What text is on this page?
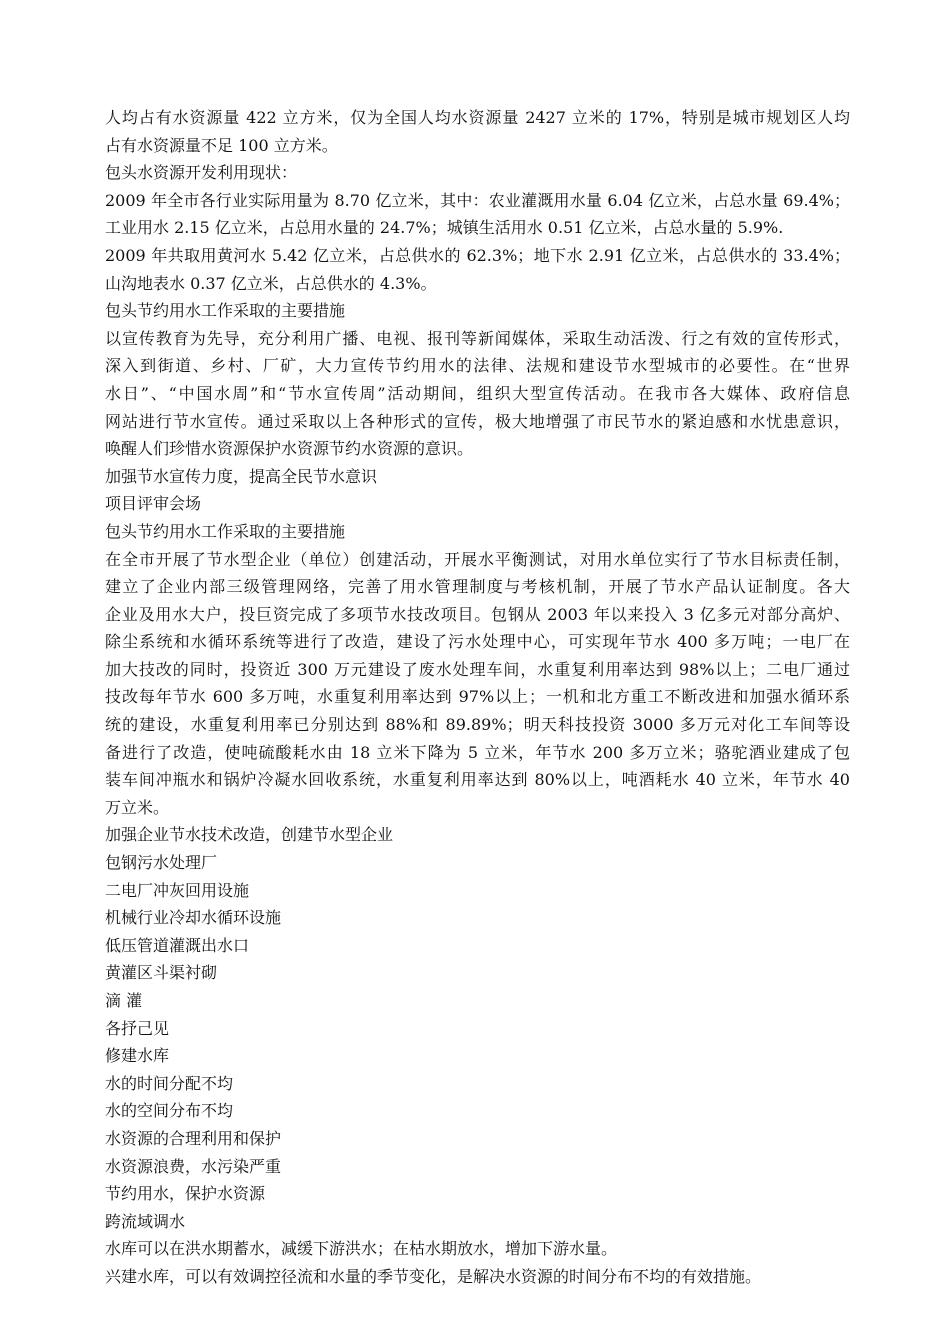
人均占有水资源量 422 立方米，仅为全国人均水资源量 2427 立米的 17%，特别是城市规划区人均
占有水资源量不足 100 立方米。
包头水资源开发利用现状：
2009 年全市各行业实际用量为 8.70 亿立米，其中：农业灌溉用水量 6.04 亿立米，占总水量 69.4%；
工业用水 2.15 亿立米，占总用水量的 24.7%；城镇生活用水 0.51 亿立米，占总水量的 5.9%.
2009 年共取用黄河水 5.42 亿立米，占总供水的 62.3%；地下水 2.91 亿立米，占总供水的 33.4%；
山沟地表水 0.37 亿立米，占总供水的 4.3%。
包头节约用水工作采取的主要措施
以宣传教育为先导，充分利用广播、电视、报刊等新闻媒体，采取生动活泼、行之有效的宣传形式，
深入到街道、乡村、厂矿，大力宣传节约用水的法律、法规和建设节水型城市的必要性。在“世界
水日”、“中国水周”和“节水宣传周”活动期间，组织大型宣传活动。在我市各大媒体、政府信息
网站进行节水宣传。通过采取以上各种形式的宣传，极大地增强了市民节水的紧迫感和水忧患意识，
唤醒人们珍惜水资源保护水资源节约水资源的意识。
加强节水宣传力度，提高全民节水意识
项目评审会场
包头节约用水工作采取的主要措施
在全市开展了节水型企业（单位）创建活动，开展水平衡测试，对用水单位实行了节水目标责任制，
建立了企业内部三级管理网络，完善了用水管理制度与考核机制，开展了节水产品认证制度。各大
企业及用水大户，投巨资完成了多项节水技改项目。包钢从 2003 年以来投入 3 亿多元对部分高炉、
除尘系统和水循环系统等进行了改造，建设了污水处理中心，可实现年节水 400 多万吨；一电厂在
加大技改的同时，投资近 300 万元建设了废水处理车间，水重复利用率达到 98%以上；二电厂通过
技改每年节水 600 多万吨，水重复利用率达到 97%以上；一机和北方重工不断改进和加强水循环系
统的建设，水重复利用率已分别达到 88%和 89.89%；明天科技投资 3000 多万元对化工车间等设
备进行了改造，使吨硫酸耗水由 18 立米下降为 5 立米，年节水 200 多万立米；骆驼酒业建成了包
装车间冲瓶水和锅炉冷凝水回收系统，水重复利用率达到 80%以上，吨酒耗水 40 立米，年节水 40
万立米。
加强企业节水技术改造，创建节水型企业
包钢污水处理厂
二电厂冲灰回用设施
机械行业冷却水循环设施
低压管道灌溉出水口
黄灌区斗渠衬砌
滴 灌
各抒己见
修建水库
水的时间分配不均
水的空间分布不均
水资源的合理利用和保护
水资源浪费，水污染严重
节约用水，保护水资源
跨流域调水
水库可以在洪水期蓄水，减缓下游洪水；在枯水期放水，增加下游水量。
兴建水库，可以有效调控径流和水量的季节变化，是解决水资源的时间分布不均的有效措施。
